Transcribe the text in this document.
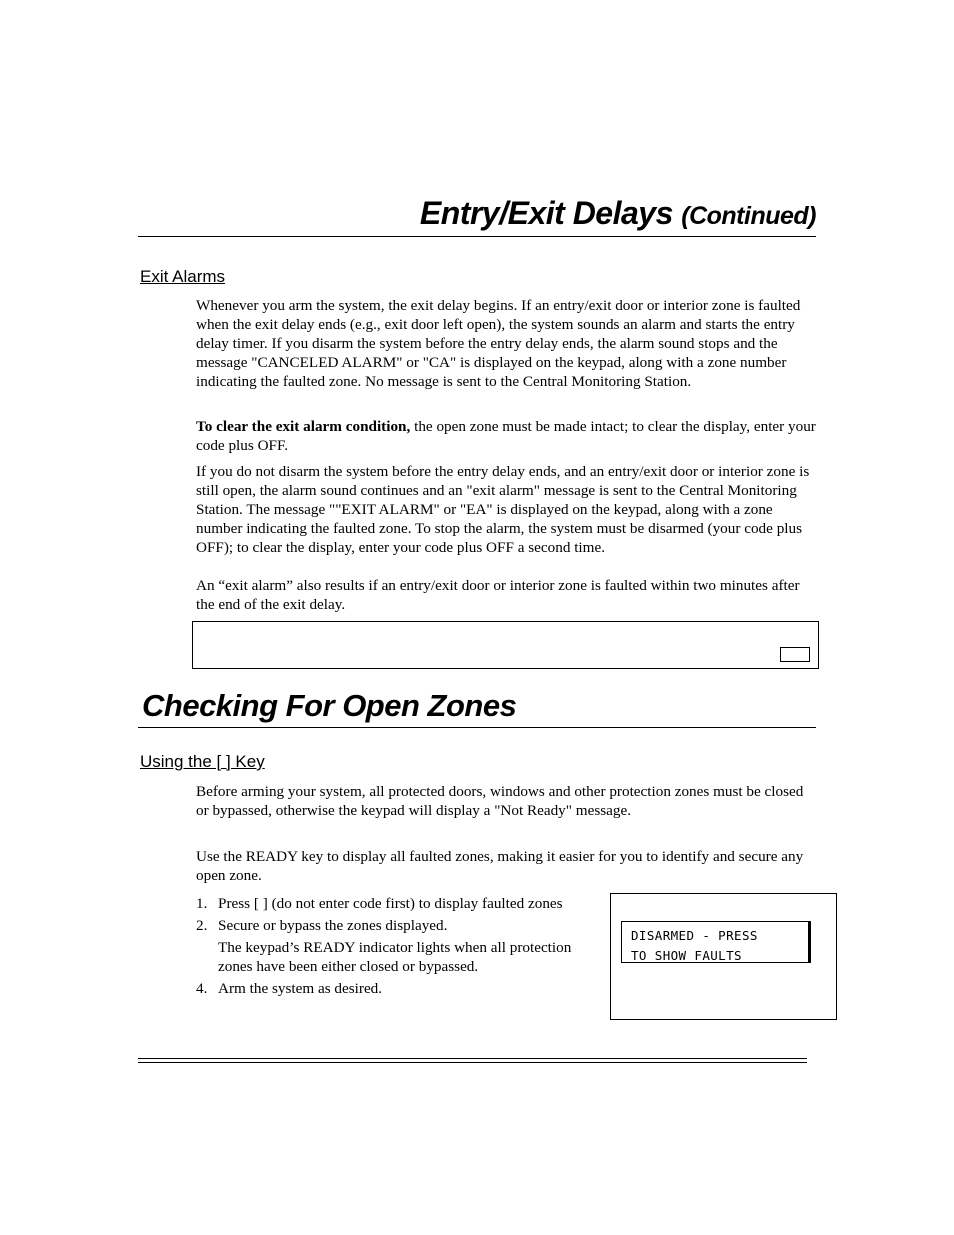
Entry/Exit Delays (Continued)
Exit Alarms
Whenever you arm the system, the exit delay begins. If an entry/exit door or interior zone is faulted when the exit delay ends (e.g., exit door left open), the system sounds an alarm and starts the entry delay timer. If you disarm the system before the entry delay ends, the alarm sound stops and the message "CANCELED ALARM" or "CA" is displayed on the keypad, along with a zone number indicating the faulted zone. No message is sent to the Central Monitoring Station.
To clear the exit alarm condition, the open zone must be made intact; to clear the display, enter your code plus OFF.
If you do not disarm the system before the entry delay ends, and an entry/exit door or interior zone is still open, the alarm sound continues and an "exit alarm" message is sent to the Central Monitoring Station. The message ""EXIT ALARM" or "EA" is displayed on the keypad, along with a zone number indicating the faulted zone. To stop the alarm, the system must be disarmed (your code plus OFF); to clear the display, enter your code plus OFF a second time.
An “exit alarm” also results if an entry/exit door or interior zone is faulted within two minutes after the end of the exit delay.
Checking For Open Zones
Using the [ ] Key
Before arming your system, all protected doors, windows and other protection zones must be closed or bypassed, otherwise the keypad will display a "Not Ready" message.
Use the READY key to display all faulted zones, making it easier for you to identify and secure any open zone.
1. Press [ ] (do not enter code first) to display faulted zones
2. Secure or bypass the zones displayed.
The keypad’s READY indicator lights when all protection zones have been either closed or bypassed.
4. Arm the system as desired.
DISARMED - PRESS
TO SHOW FAULTS
